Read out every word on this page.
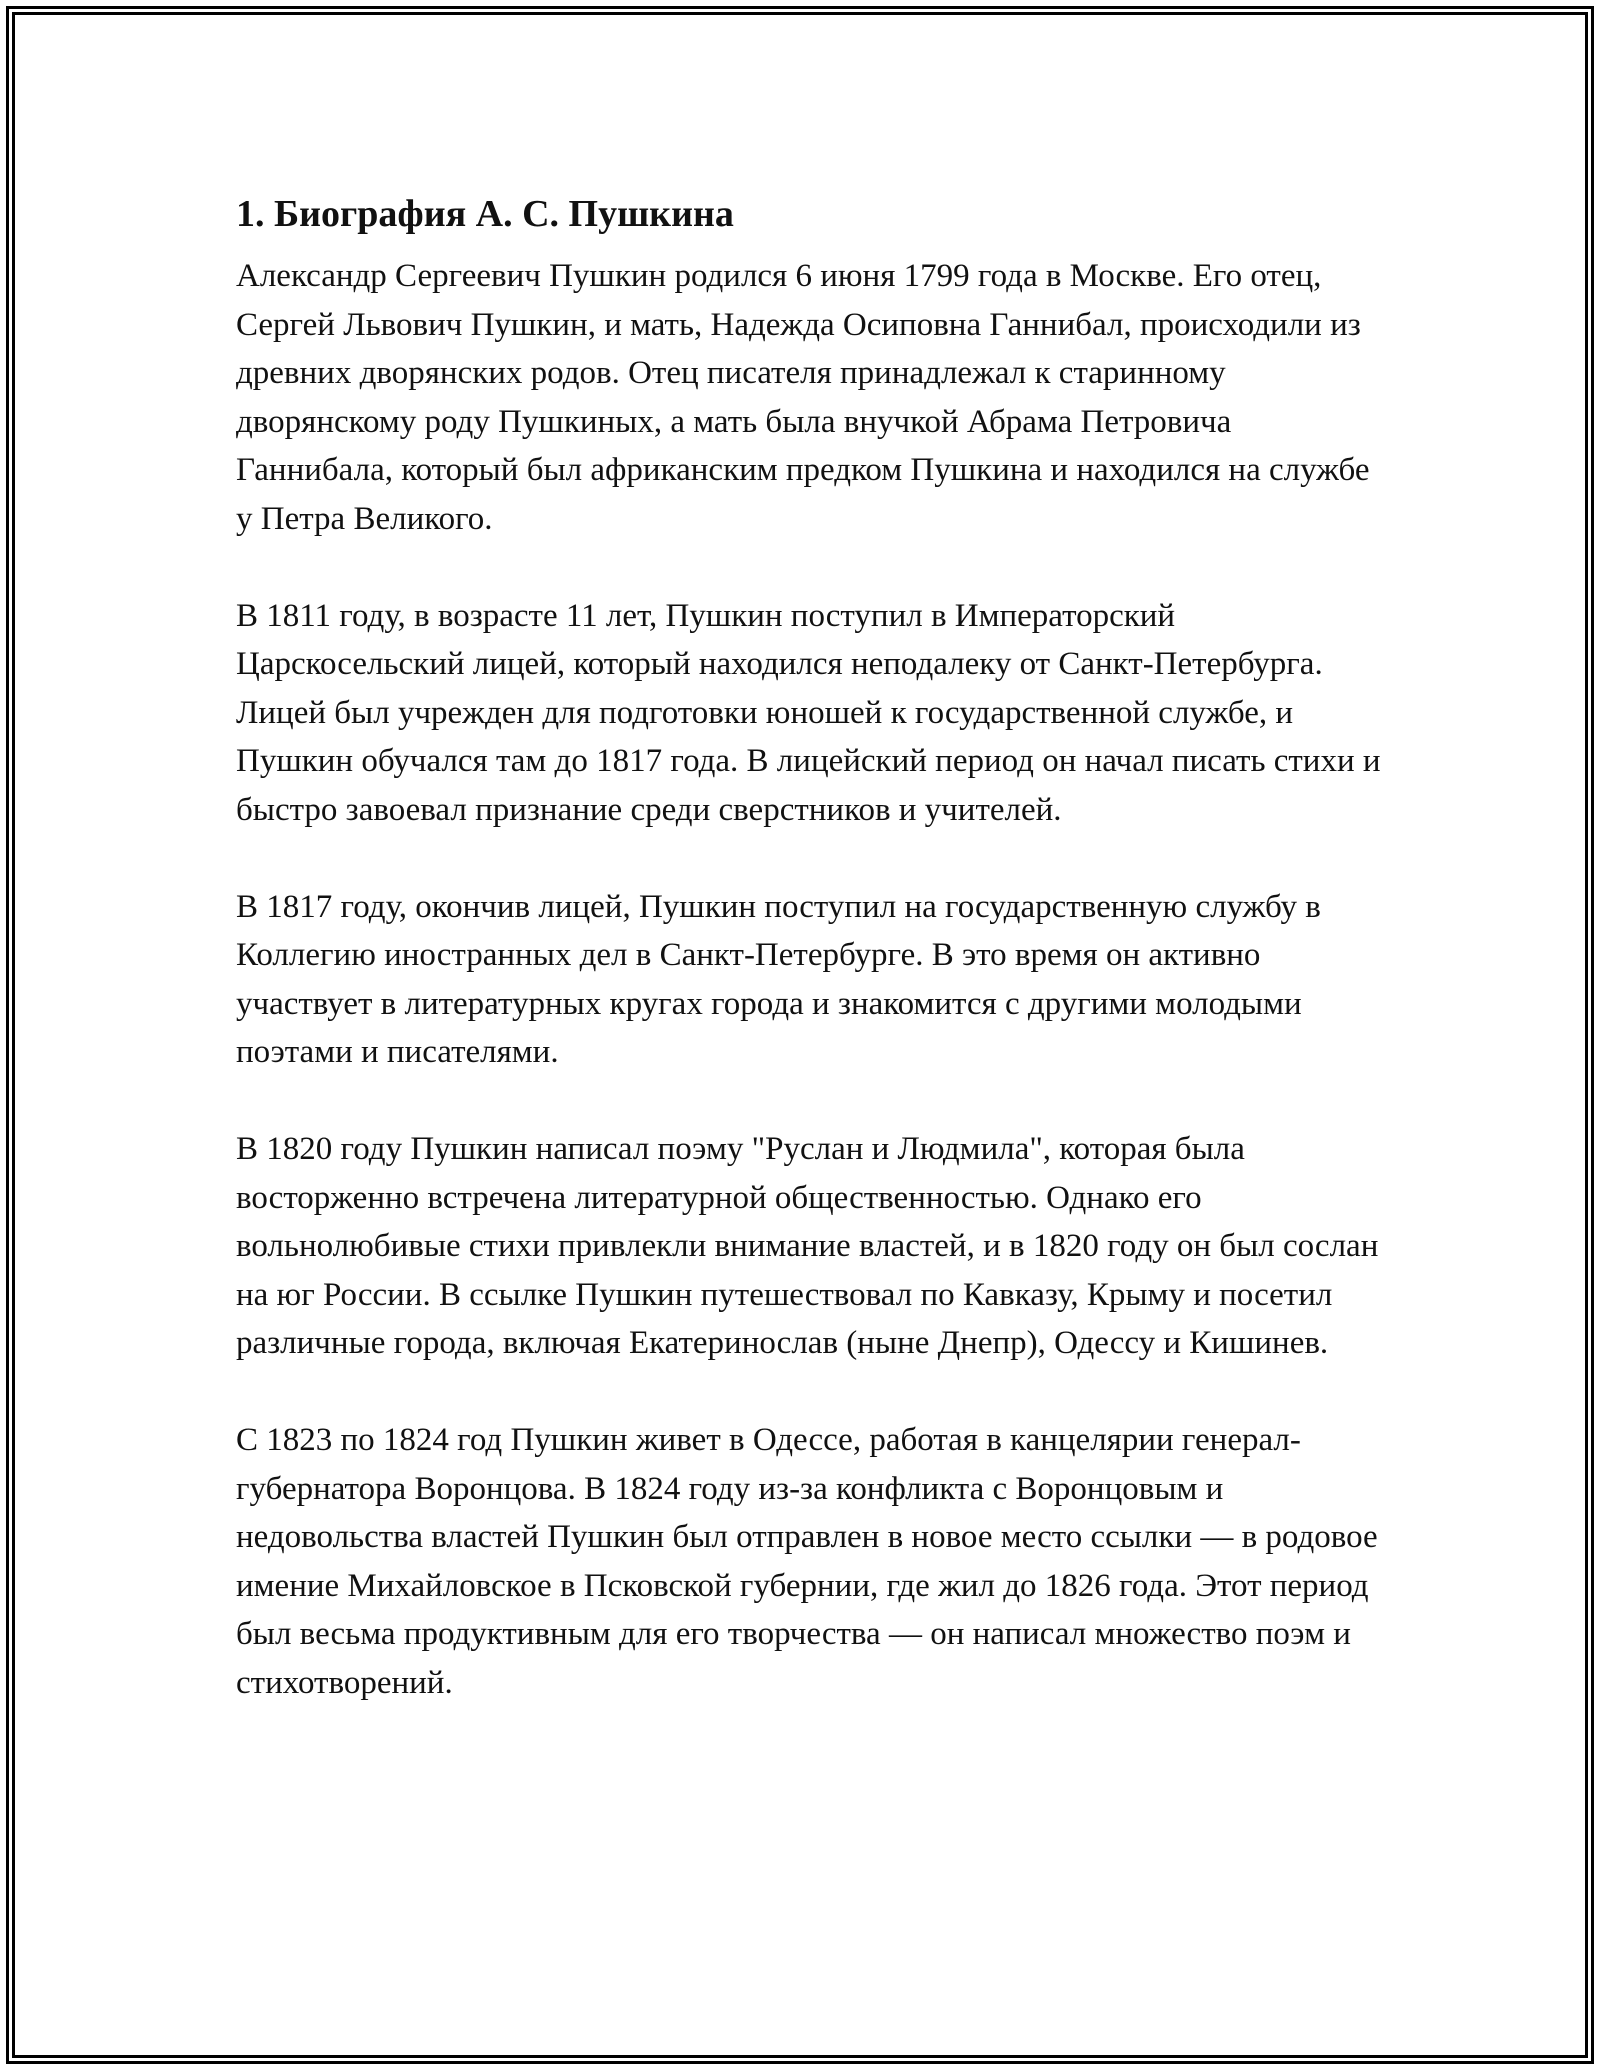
1. Биография А. С. Пушкина

Александр Сергеевич Пушкин родился 6 июня 1799 года в Москве. Его отец, Сергей Львович Пушкин, и мать, Надежда Осиповна Ганнибал, происходили из древних дворянских родов. Отец писателя принадлежал к старинному дворянскому роду Пушкиных, а мать была внучкой Абрама Петровича Ганнибала, который был африканским предком Пушкина и находился на службе у Петра Великого.

В 1811 году, в возрасте 11 лет, Пушкин поступил в Императорский Царскосельский лицей, который находился неподалеку от Санкт-Петербурга. Лицей был учрежден для подготовки юношей к государственной службе, и Пушкин обучался там до 1817 года. В лицейский период он начал писать стихи и быстро завоевал признание среди сверстников и учителей.

В 1817 году, окончив лицей, Пушкин поступил на государственную службу в Коллегию иностранных дел в Санкт-Петербурге. В это время он активно участвует в литературных кругах города и знакомится с другими молодыми поэтами и писателями.

В 1820 году Пушкин написал поэму "Руслан и Людмила", которая была восторженно встречена литературной общественностью. Однако его вольнолюбивые стихи привлекли внимание властей, и в 1820 году он был сослан на юг России. В ссылке Пушкин путешествовал по Кавказу, Крыму и посетил различные города, включая Екатеринослав (ныне Днепр), Одессу и Кишинев.

С 1823 по 1824 год Пушкин живет в Одессе, работая в канцелярии генерал-губернатора Воронцова. В 1824 году из-за конфликта с Воронцовым и недовольства властей Пушкин был отправлен в новое место ссылки — в родовое имение Михайловское в Псковской губернии, где жил до 1826 года. Этот период был весьма продуктивным для его творчества — он написал множество поэм и стихотворений.
